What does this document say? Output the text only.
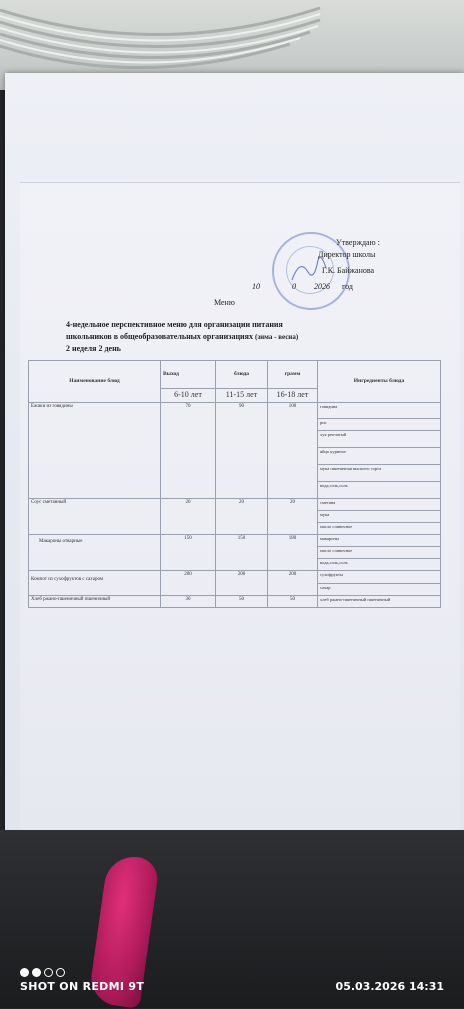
Утверждаю :
Директор школы
Г.К. Байжанова
10	0 2026 год
Меню
4-недельное перспективное меню для организации питания
школьников в общеобразовательных организациях (зима - весна)
2 неделя 2 день
Наименование блюд	Выход	блюда	грамм	Ингредиенты блюда
	6-10 лет	11-15 лет	16-18 лет	
Ежики из говядины	70	90	100	говядина
				рис
				лук репчатый
				яйцо куриное
				мука пшеничная высшего сорта
				вода,соль,соль
Соус сметанный	20	20	20	сметана
				мука
				масло сливочное
Макароны отварные	150	150	180	макароны
				масло сливочное
				вода,соль,соль
Компот из сухофруктов с сахаром	200	200	200	сухофрукты
				сахар
Хлеб ржано-пшеничный пшеничный	30	50	50	хлеб ржано-пшеничный пшеничный
SHOT ON REDMI 9T	05.03.2026 14:31
